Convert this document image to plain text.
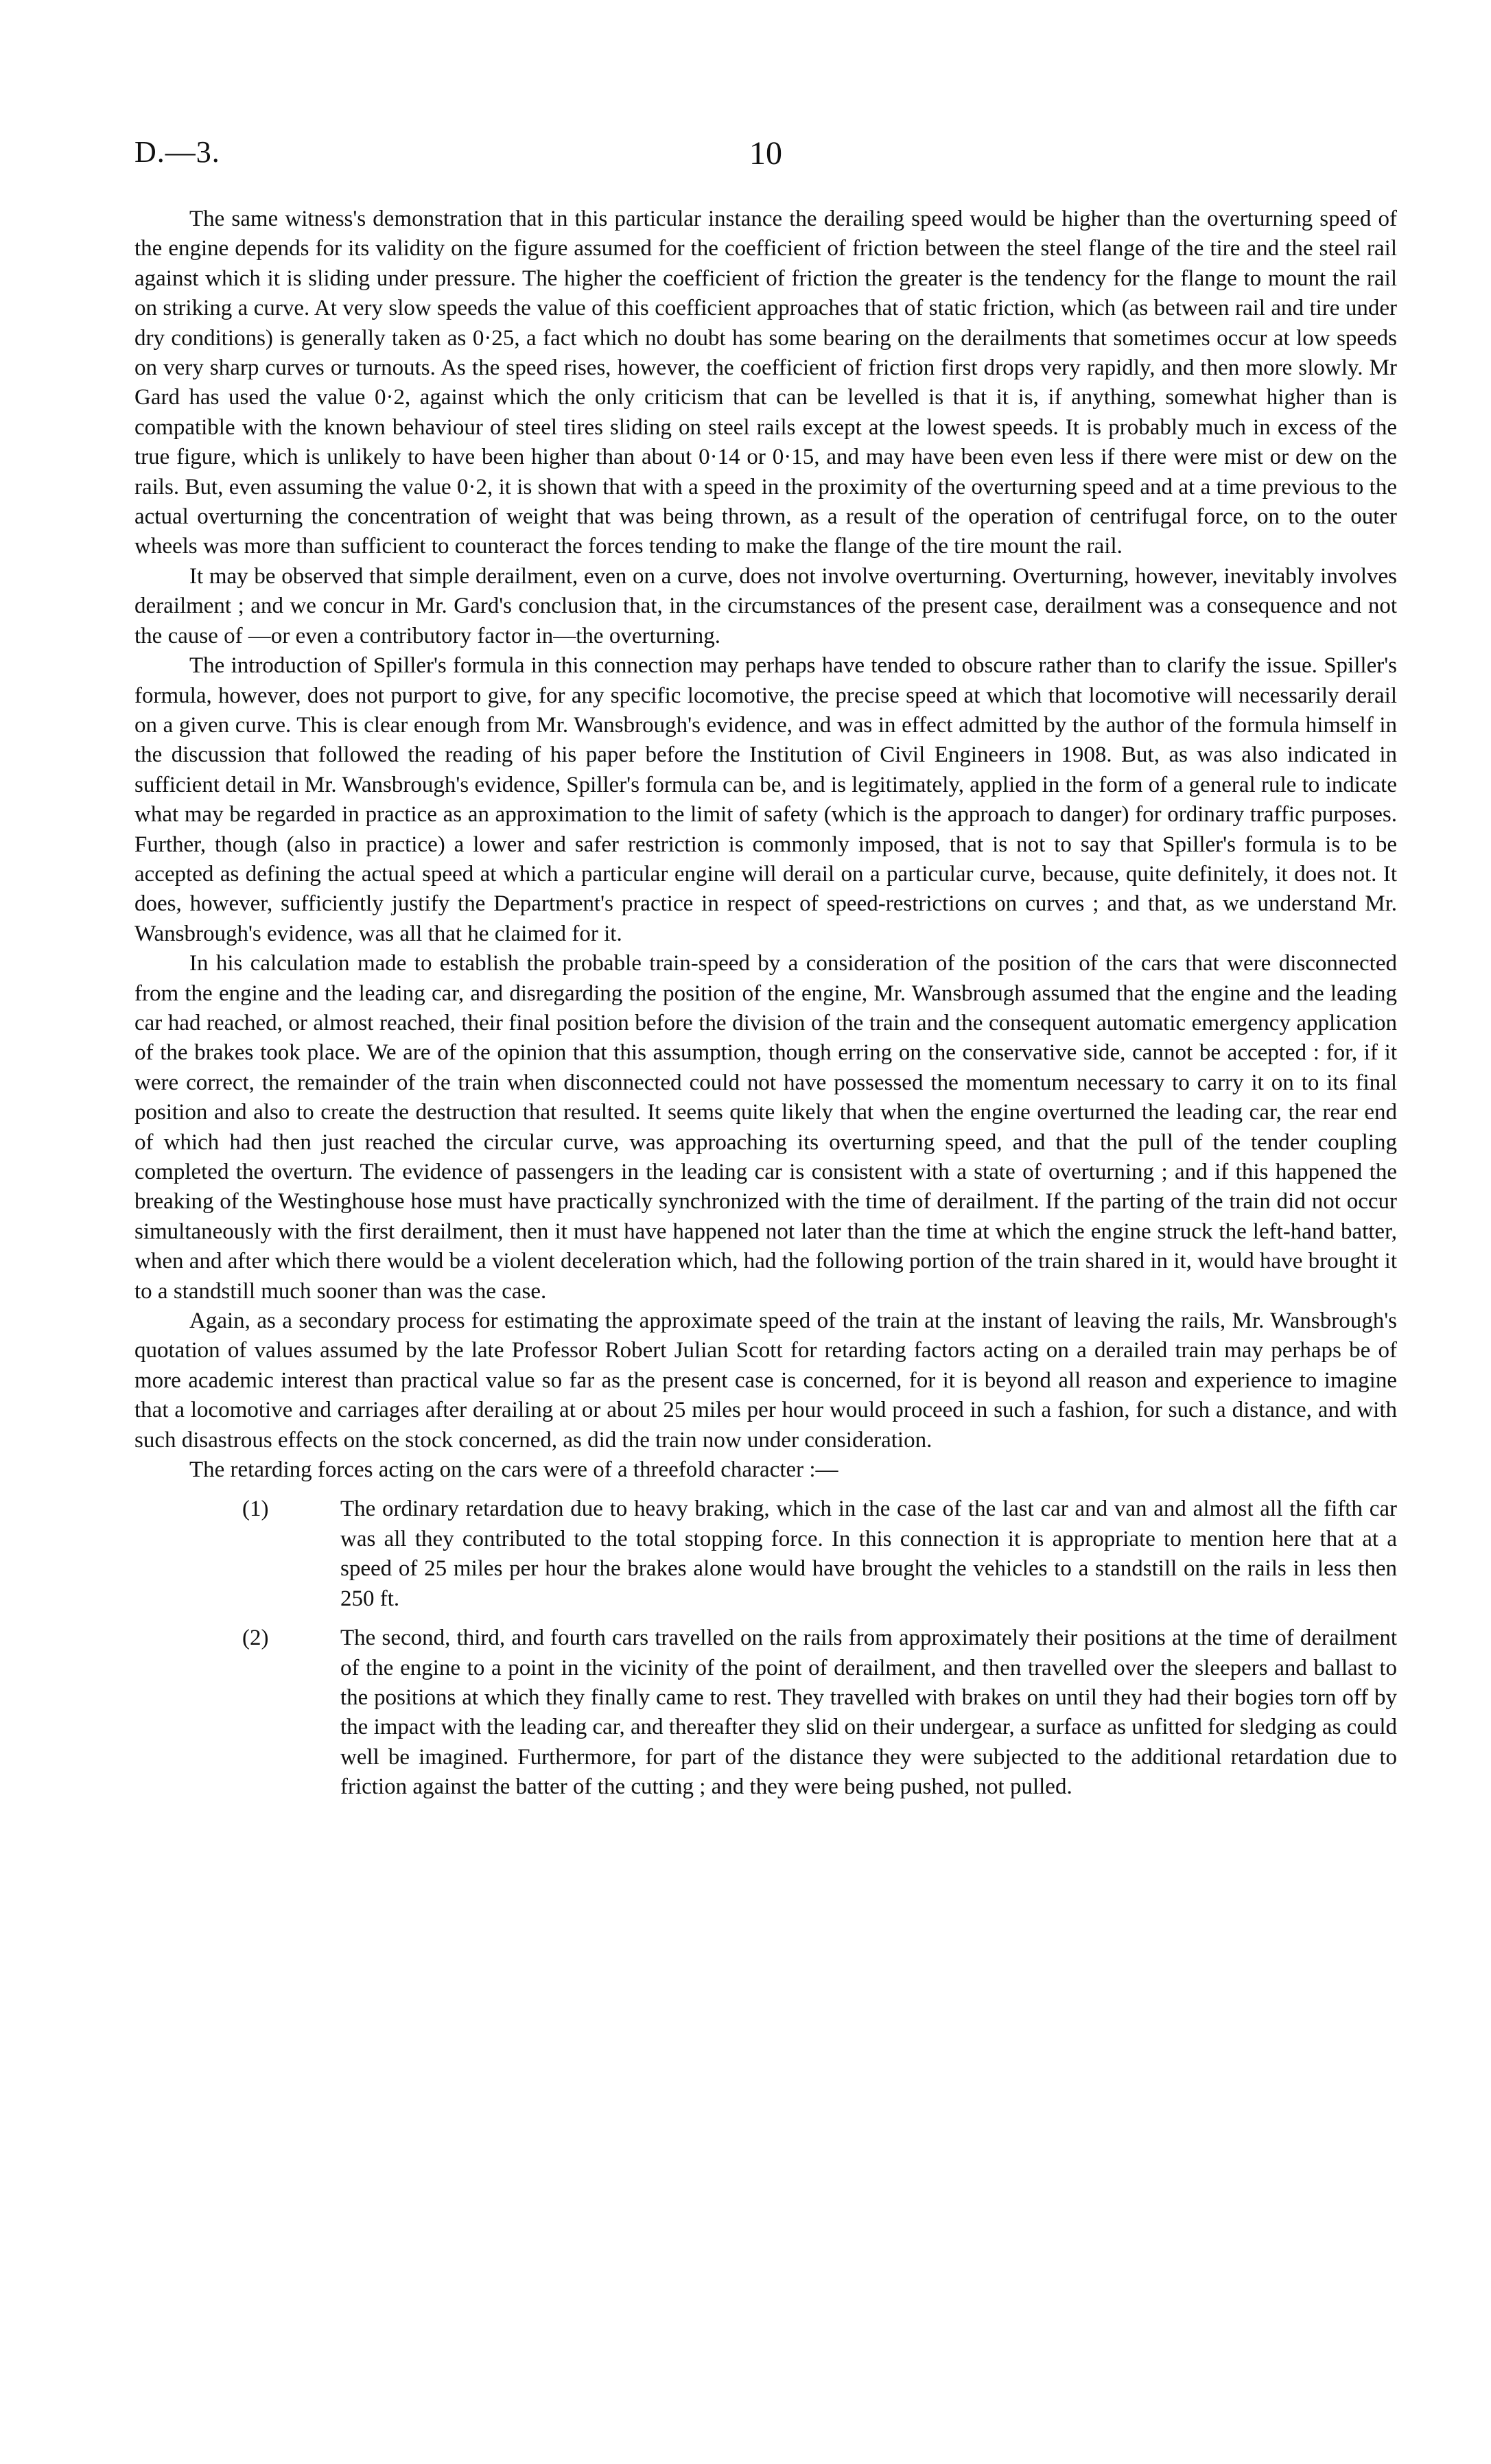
D.—3.	10

The same witness's demonstration that in this particular instance the derailing speed would be higher than the overturning speed of the engine depends for its validity on the figure assumed for the coefficient of friction between the steel flange of the tire and the steel rail against which it is sliding under pressure. The higher the coefficient of friction the greater is the tendency for the flange to mount the rail on striking a curve. At very slow speeds the value of this coefficient approaches that of static friction, which (as between rail and tire under dry conditions) is generally taken as 0·25, a fact which no doubt has some bearing on the derailments that sometimes occur at low speeds on very sharp curves or turnouts. As the speed rises, however, the coefficient of friction first drops very rapidly, and then more slowly. Mr Gard has used the value 0·2, against which the only criticism that can be levelled is that it is, if anything, somewhat higher than is compatible with the known behaviour of steel tires sliding on steel rails except at the lowest speeds. It is probably much in excess of the true figure, which is unlikely to have been higher than about 0·14 or 0·15, and may have been even less if there were mist or dew on the rails. But, even assuming the value 0·2, it is shown that with a speed in the proximity of the overturning speed and at a time previous to the actual overturning the concentration of weight that was being thrown, as a result of the operation of centrifugal force, on to the outer wheels was more than sufficient to counteract the forces tending to make the flange of the tire mount the rail.

It may be observed that simple derailment, even on a curve, does not involve overturning. Overturning, however, inevitably involves derailment ; and we concur in Mr. Gard's conclusion that, in the circumstances of the present case, derailment was a consequence and not the cause of —or even a contributory factor in—the overturning.

The introduction of Spiller's formula in this connection may perhaps have tended to obscure rather than to clarify the issue. Spiller's formula, however, does not purport to give, for any specific locomotive, the precise speed at which that locomotive will necessarily derail on a given curve. This is clear enough from Mr. Wansbrough's evidence, and was in effect admitted by the author of the formula himself in the discussion that followed the reading of his paper before the Institution of Civil Engineers in 1908. But, as was also indicated in sufficient detail in Mr. Wansbrough's evidence, Spiller's formula can be, and is legitimately, applied in the form of a general rule to indicate what may be regarded in practice as an approximation to the limit of safety (which is the approach to danger) for ordinary traffic purposes. Further, though (also in practice) a lower and safer restriction is commonly imposed, that is not to say that Spiller's formula is to be accepted as defining the actual speed at which a particular engine will derail on a particular curve, because, quite definitely, it does not. It does, however, sufficiently justify the Department's practice in respect of speed-restrictions on curves ; and that, as we understand Mr. Wansbrough's evidence, was all that he claimed for it.

In his calculation made to establish the probable train-speed by a consideration of the position of the cars that were disconnected from the engine and the leading car, and disregarding the position of the engine, Mr. Wansbrough assumed that the engine and the leading car had reached, or almost reached, their final position before the division of the train and the consequent automatic emergency application of the brakes took place. We are of the opinion that this assumption, though erring on the conservative side, cannot be accepted : for, if it were correct, the remainder of the train when disconnected could not have possessed the momentum necessary to carry it on to its final position and also to create the destruction that resulted. It seems quite likely that when the engine overturned the leading car, the rear end of which had then just reached the circular curve, was approaching its overturning speed, and that the pull of the tender coupling completed the overturn. The evidence of passengers in the leading car is consistent with a state of overturning ; and if this happened the breaking of the Westinghouse hose must have practically synchronized with the time of derailment. If the parting of the train did not occur simultaneously with the first derailment, then it must have happened not later than the time at which the engine struck the left-hand batter, when and after which there would be a violent deceleration which, had the following portion of the train shared in it, would have brought it to a standstill much sooner than was the case.

Again, as a secondary process for estimating the approximate speed of the train at the instant of leaving the rails, Mr. Wansbrough's quotation of values assumed by the late Professor Robert Julian Scott for retarding factors acting on a derailed train may perhaps be of more academic interest than practical value so far as the present case is concerned, for it is beyond all reason and experience to imagine that a locomotive and carriages after derailing at or about 25 miles per hour would proceed in such a fashion, for such a distance, and with such disastrous effects on the stock concerned, as did the train now under consideration.

The retarding forces acting on the cars were of a threefold character :—
(1)	The ordinary retardation due to heavy braking, which in the case of the last car and van and almost all the fifth car was all they contributed to the total stopping force. In this connection it is appropriate to mention here that at a speed of 25 miles per hour the brakes alone would have brought the vehicles to a standstill on the rails in less then 250 ft.
(2)	The second, third, and fourth cars travelled on the rails from approximately their positions at the time of derailment of the engine to a point in the vicinity of the point of derailment, and then travelled over the sleepers and ballast to the positions at which they finally came to rest. They travelled with brakes on until they had their bogies torn off by the impact with the leading car, and thereafter they slid on their undergear, a surface as unfitted for sledging as could well be imagined. Furthermore, for part of the distance they were subjected to the additional retardation due to friction against the batter of the cutting ; and they were being pushed, not pulled.
